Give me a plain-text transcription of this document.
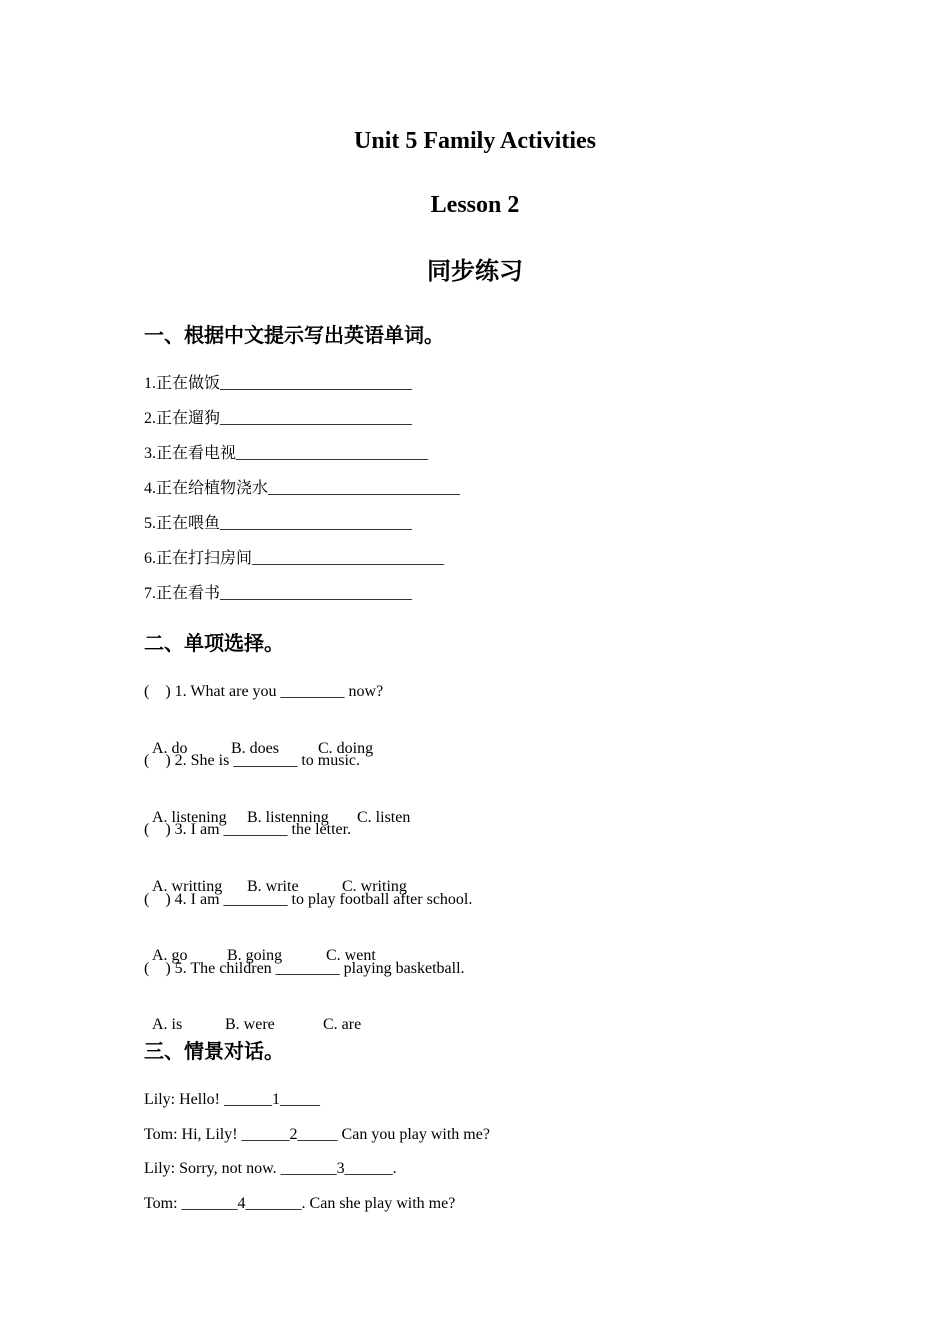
Unit 5 Family Activities
Lesson 2
同步练习
一、根据中文提示写出英语单词。
1.正在做饭________________________
2.正在遛狗________________________
3.正在看电视________________________
4.正在给植物浇水________________________
5.正在喂鱼________________________
6.正在打扫房间________________________
7.正在看书________________________
二、单项选择。
(    ) 1. What are you ________ now?

A. do	B. does C. doing

(    ) 2. She is ________ to music.

A. listening B. listenning C. listen

(    ) 3. I am ________ the letter.

A. writting B. write	C. writing

(    ) 4. I am ________ to play football after school.

A. go B. going	C. went

(    ) 5. The children ________ playing basketball.

A. is	B. were	C. are

三、情景对话。
Lily: Hello! ______1_____
Tom: Hi, Lily! ______2_____ Can you play with me?
Lily: Sorry, not now. _______3______.
Tom: _______4_______. Can she play with me?
